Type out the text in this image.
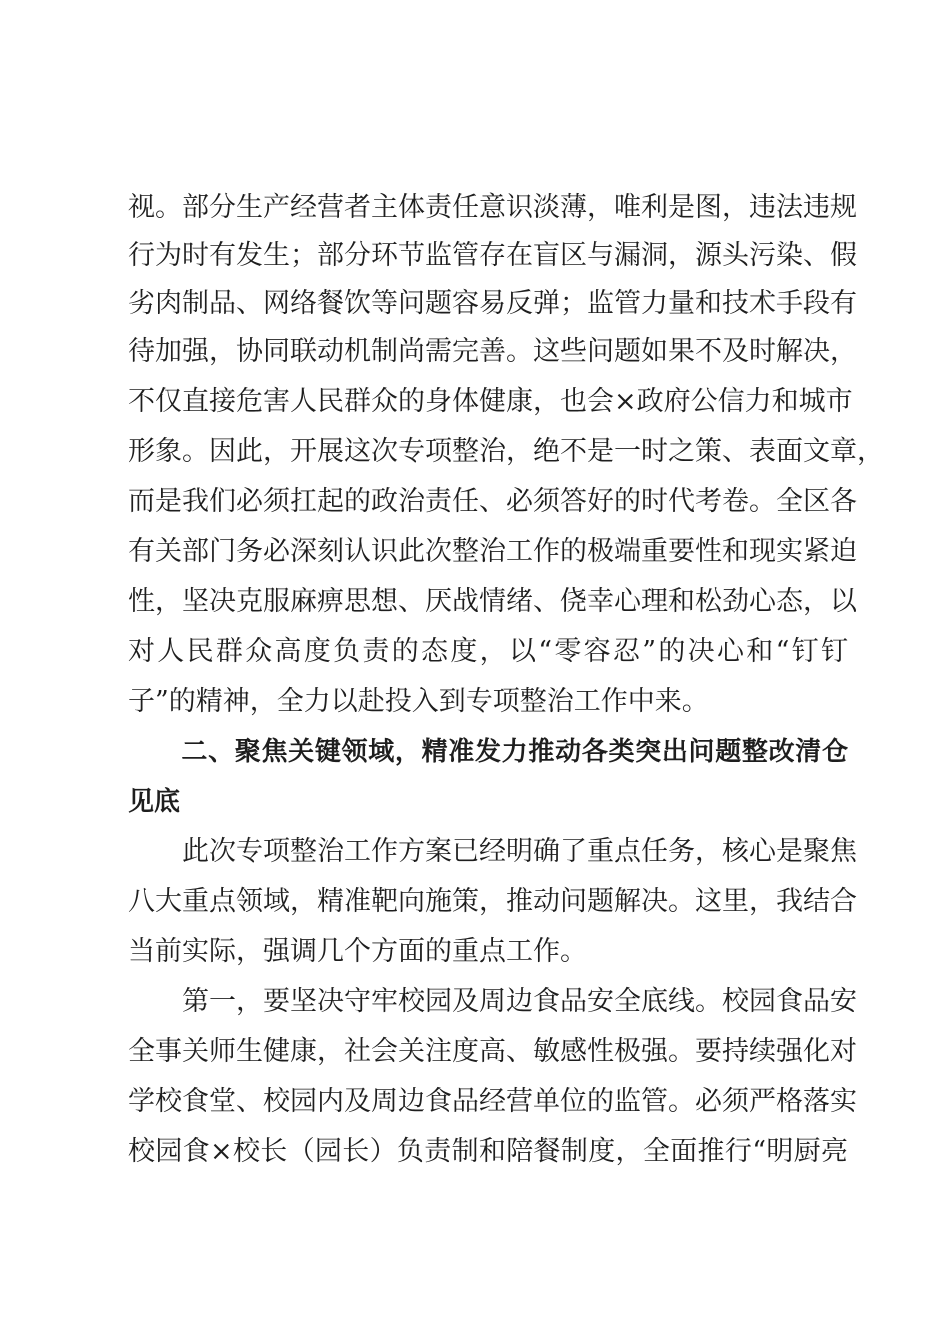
视。部分生产经营者主体责任意识淡薄，唯利是图，违法违规
行为时有发生；部分环节监管存在盲区与漏洞，源头污染、假
劣肉制品、网络餐饮等问题容易反弹；监管力量和技术手段有
待加强，协同联动机制尚需完善。这些问题如果不及时解决，
不仅直接危害人民群众的身体健康，也会×政府公信力和城市
形象。因此，开展这次专项整治，绝不是一时之策、表面文章，
而是我们必须扛起的政治责任、必须答好的时代考卷。全区各
有关部门务必深刻认识此次整治工作的极端重要性和现实紧迫
性，坚决克服麻痹思想、厌战情绪、侥幸心理和松劲心态，以
对人民群众高度负责的态度，以“零容忍”的决心和“钉钉
子”的精神，全力以赴投入到专项整治工作中来。
　　二、聚焦关键领域，精准发力推动各类突出问题整改清仓
见底
　　此次专项整治工作方案已经明确了重点任务，核心是聚焦
八大重点领域，精准靶向施策，推动问题解决。这里，我结合
当前实际，强调几个方面的重点工作。
　　第一，要坚决守牢校园及周边食品安全底线。校园食品安
全事关师生健康，社会关注度高、敏感性极强。要持续强化对
学校食堂、校园内及周边食品经营单位的监管。必须严格落实
校园食×校长（园长）负责制和陪餐制度，全面推行“明厨亮
